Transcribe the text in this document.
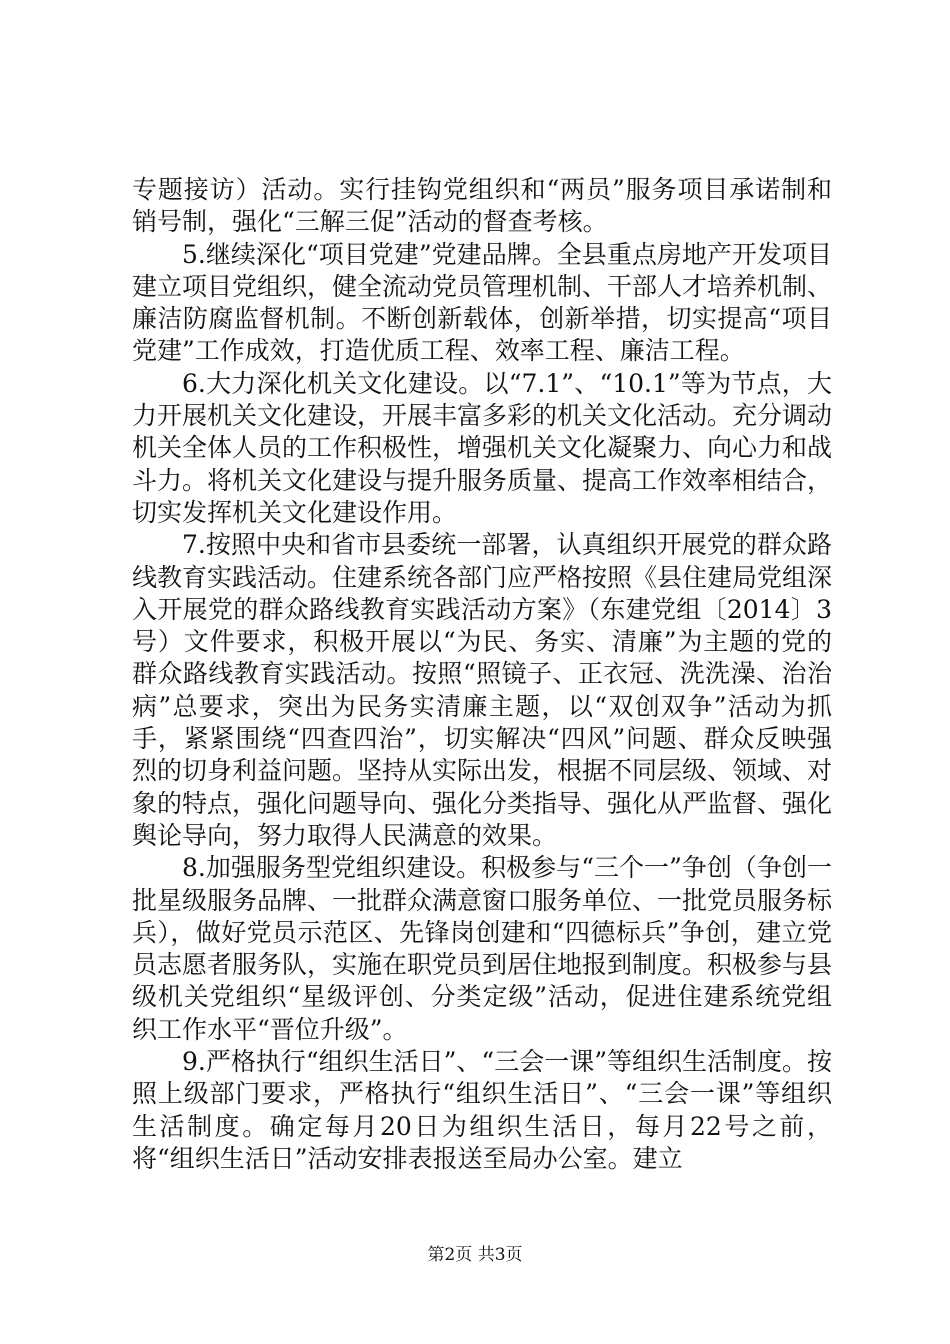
专题接访）活动。实行挂钩党组织和“两员”服务项目承诺制和销号制，强化“三解三促”活动的督查考核。

5.继续深化“项目党建”党建品牌。全县重点房地产开发项目建立项目党组织，健全流动党员管理机制、干部人才培养机制、廉洁防腐监督机制。不断创新载体，创新举措，切实提高“项目党建”工作成效，打造优质工程、效率工程、廉洁工程。

6.大力深化机关文化建设。以“7.1”、“10.1”等为节点，大力开展机关文化建设，开展丰富多彩的机关文化活动。充分调动机关全体人员的工作积极性，增强机关文化凝聚力、向心力和战斗力。将机关文化建设与提升服务质量、提高工作效率相结合，切实发挥机关文化建设作用。

7.按照中央和省市县委统一部署，认真组织开展党的群众路线教育实践活动。住建系统各部门应严格按照《县住建局党组深入开展党的群众路线教育实践活动方案》（东建党组〔2014〕3号）文件要求，积极开展以“为民、务实、清廉”为主题的党的群众路线教育实践活动。按照“照镜子、正衣冠、洗洗澡、治治病”总要求，突出为民务实清廉主题，以“双创双争”活动为抓手，紧紧围绕“四查四治”，切实解决“四风”问题、群众反映强烈的切身利益问题。坚持从实际出发，根据不同层级、领域、对象的特点，强化问题导向、强化分类指导、强化从严监督、强化舆论导向，努力取得人民满意的效果。

8.加强服务型党组织建设。积极参与“三个一”争创（争创一批星级服务品牌、一批群众满意窗口服务单位、一批党员服务标兵），做好党员示范区、先锋岗创建和“四德标兵”争创，建立党员志愿者服务队，实施在职党员到居住地报到制度。积极参与县级机关党组织“星级评创、分类定级”活动，促进住建系统党组织工作水平“晋位升级”。

9.严格执行“组织生活日”、“三会一课”等组织生活制度。按照上级部门要求，严格执行“组织生活日”、“三会一课”等组织生活制度。确定每月20日为组织生活日，每月22号之前，将“组织生活日”活动安排表报送至局办公室。建立

第2页 共3页
